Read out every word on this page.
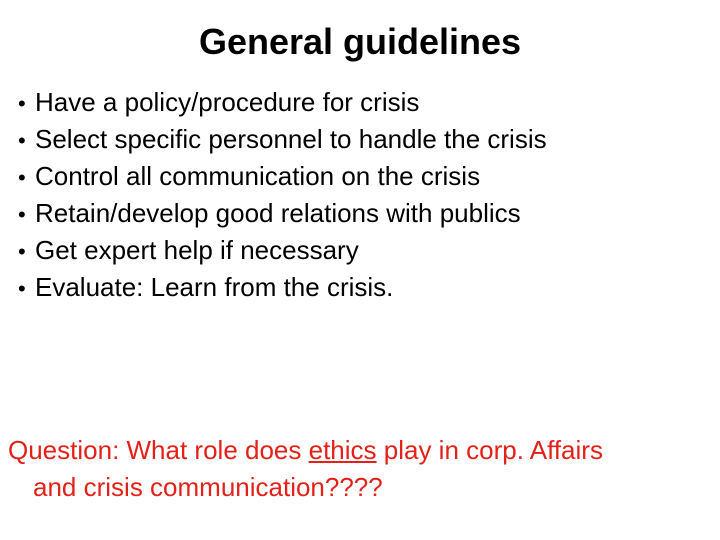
General guidelines
• Have a policy/procedure for crisis
• Select specific personnel to handle the crisis
• Control all communication on the crisis
• Retain/develop good relations with publics
• Get expert help if necessary
• Evaluate: Learn from the crisis.

Question: What role does ethics play in corp. Affairs
and crisis communication????
